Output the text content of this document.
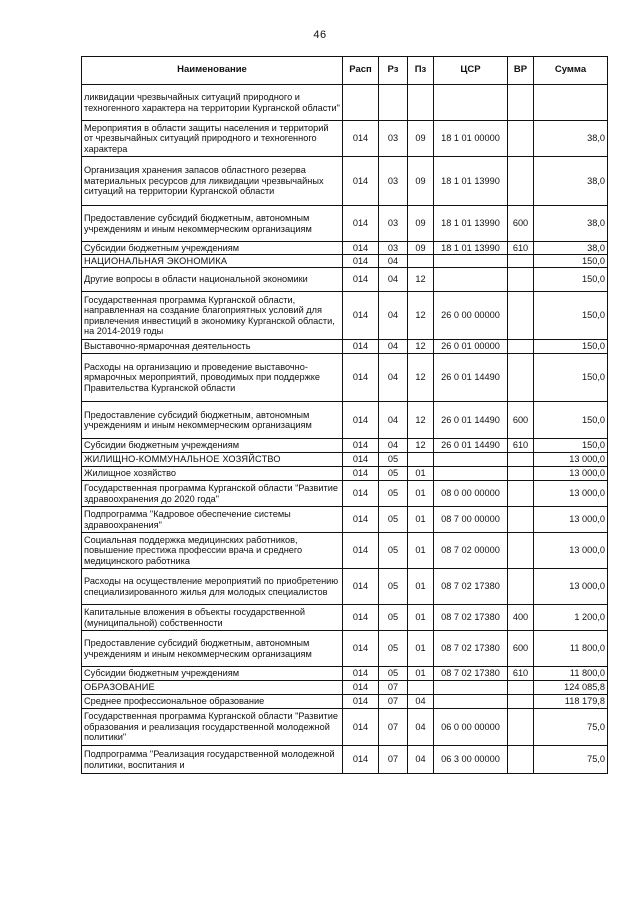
46
Наименование	Расп	Рз	Пз	ЦСР	ВР	Сумма
ликвидации чрезвычайных ситуаций природного и техногенного характера на территории Курганской области"						
Мероприятия в области защиты населения и территорий от чрезвычайных ситуаций природного и техногенного характера	014	03	09	18 1 01 00000		38,0
Организация хранения запасов областного резерва материальных ресурсов для ликвидации чрезвычайных ситуаций на территории Курганской области	014	03	09	18 1 01 13990		38,0
Предоставление субсидий бюджетным, автономным учреждениям и иным некоммерческим организациям	014	03	09	18 1 01 13990	600	38,0
Субсидии бюджетным учреждениям	014	03	09	18 1 01 13990	610	38,0
НАЦИОНАЛЬНАЯ ЭКОНОМИКА	014	04				150,0
Другие вопросы в области национальной экономики	014	04	12			150,0
Государственная программа Курганской области, направленная на создание благоприятных условий для привлечения инвестиций в экономику Курганской области, на 2014-2019 годы	014	04	12	26 0 00 00000		150,0
Выставочно-ярмарочная деятельность	014	04	12	26 0 01 00000		150,0
Расходы на организацию и проведение выставочно-ярмарочных мероприятий, проводимых при поддержке Правительства Курганской области	014	04	12	26 0 01 14490		150,0
Предоставление субсидий бюджетным, автономным учреждениям и иным некоммерческим организациям	014	04	12	26 0 01 14490	600	150,0
Субсидии бюджетным учреждениям	014	04	12	26 0 01 14490	610	150,0
ЖИЛИЩНО-КОММУНАЛЬНОЕ ХОЗЯЙСТВО	014	05				13 000,0
Жилищное хозяйство	014	05	01			13 000,0
Государственная программа Курганской области "Развитие здравоохранения до 2020 года"	014	05	01	08 0 00 00000		13 000,0
Подпрограмма "Кадровое обеспечение системы здравоохранения"	014	05	01	08 7 00 00000		13 000,0
Социальная поддержка медицинских работников, повышение престижа профессии врача и среднего медицинского работника	014	05	01	08 7 02 00000		13 000,0
Расходы на осуществление мероприятий по приобретению специализированного жилья для молодых специалистов	014	05	01	08 7 02 17380		13 000,0
Капитальные вложения в объекты государственной (муниципальной) собственности	014	05	01	08 7 02 17380	400	1 200,0
Предоставление субсидий бюджетным, автономным учреждениям и иным некоммерческим организациям	014	05	01	08 7 02 17380	600	11 800,0
Субсидии бюджетным учреждениям	014	05	01	08 7 02 17380	610	11 800,0
ОБРАЗОВАНИЕ	014	07				124 085,8
Среднее профессиональное образование	014	07	04			118 179,8
Государственная программа Курганской области "Развитие образования и реализация государственной молодежной политики"	014	07	04	06 0 00 00000		75,0
Подпрограмма "Реализация государственной молодежной политики, воспитания и	014	07	04	06 3 00 00000		75,0
